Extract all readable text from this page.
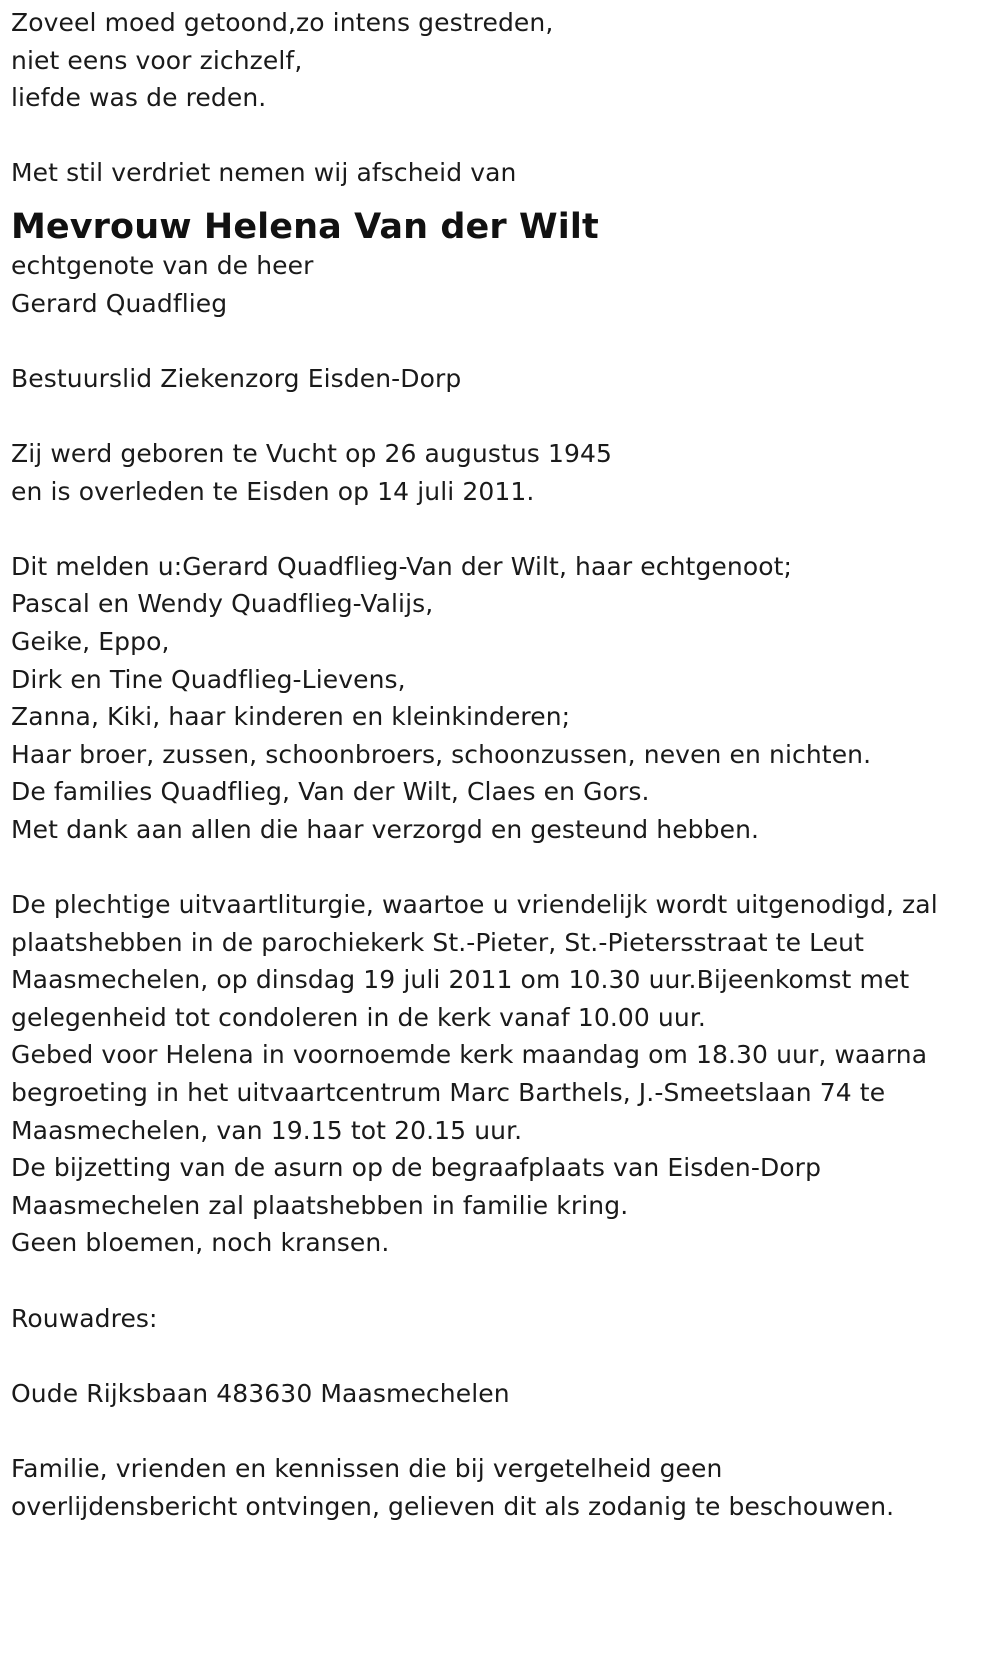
Zoveel moed getoond,zo intens gestreden,
niet eens voor zichzelf,
liefde was de reden.
Met stil verdriet nemen wij afscheid van
Mevrouw Helena Van der Wilt
echtgenote van de heer
Gerard Quadflieg
Bestuurslid Ziekenzorg Eisden-Dorp
Zij werd geboren te Vucht op 26 augustus 1945
en is overleden te Eisden op 14 juli 2011.
Dit melden u:Gerard Quadflieg-Van der Wilt, haar echtgenoot;
Pascal en Wendy Quadflieg-Valijs,
Geike, Eppo,
Dirk en Tine Quadflieg-Lievens,
Zanna, Kiki, haar kinderen en kleinkinderen;
Haar broer, zussen, schoonbroers, schoonzussen, neven en nichten.
De families Quadflieg, Van der Wilt, Claes en Gors.
Met dank aan allen die haar verzorgd en gesteund hebben.
De plechtige uitvaartliturgie, waartoe u vriendelijk wordt uitgenodigd, zal
plaatshebben in de parochiekerk St.-Pieter, St.-Pietersstraat te Leut
Maasmechelen, op dinsdag 19 juli 2011 om 10.30 uur.Bijeenkomst met
gelegenheid tot condoleren in de kerk vanaf 10.00 uur.
Gebed voor Helena in voornoemde kerk maandag om 18.30 uur, waarna
begroeting in het uitvaartcentrum Marc Barthels, J.-Smeetslaan 74 te
Maasmechelen, van 19.15 tot 20.15 uur.
De bijzetting van de asurn op de begraafplaats van Eisden-Dorp
Maasmechelen zal plaatshebben in familie kring.
Geen bloemen, noch kransen.
Rouwadres:
Oude Rijksbaan 483630 Maasmechelen
Familie, vrienden en kennissen die bij vergetelheid geen
overlijdensbericht ontvingen, gelieven dit als zodanig te beschouwen.
